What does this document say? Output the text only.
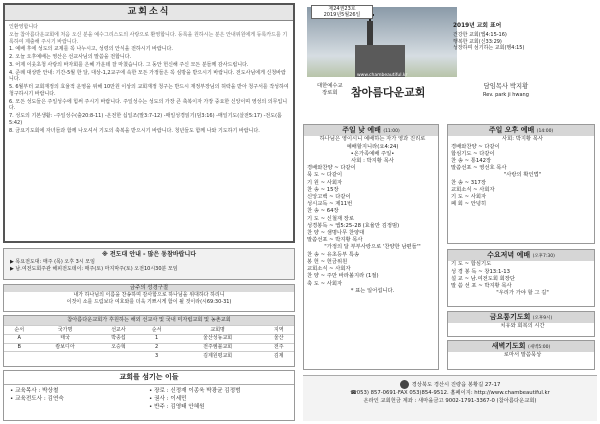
교회소식

인환영합니다

오늘 참아름다운교회에 처음 오신 분을 예수그리스도의 사랑으로 환영합니다. 등록을 원하시는 분은 안내위원에게 등록카드를 기록하여 제출해 주시기 바랍니다.

1. 예배 후에 성도의 교제를 꼭 나누시고, 성령의 안식을 전하시기 바랍니다.

2. 오늘 오후예배는 영산은 선교사님의 말씀을 전합니다.

3. 어제 이웃초청 사랑의 바자회를 은혜 가운데 잘 마쳤습니다. 그 동안 헌신해 주신 모든 분들께 감사드립니다.

4. 준례 대상반 안내: 기간-5월 한 달, 대상-1,2교구에 속한 모든 가정들은 꼭 심방을 받으시기 바랍니다. 전도사님에게 신청바랍니다.

5. 6월부터 교회재정의 효율적 운영을 위해 10만원 이상의 교회재정 청구는 반드시 재정부장님의 허락을 받아 청구서를 작성하여 청구하시기 바랍니다.

6. 모든 성도들은 주일성수에 힘써 주시기 바랍니다. 주일성수는 성도의 가장 큰 축복이자 가장 중요한 신앙이며 영성의 의무입니다.

7. 성도의 기본생활: -주일성수(출20:8-11) -온전한 십일조(말3:7-12) -매일성경읽기(딤3:16) -매일기도(살전5:17) -전도(롬5:42)

8. 금요기도회에 자녀들과 함께 나오셔서 기도의 축복을 받으시기 바랍니다. 청년들도 함께 나와 기도하기 바랍니다.

※ 전도대 안내 - 많은 동참바랍니다
▶ 목요전도대: 매주 (목) 오후 3시 모임
▶ 남.여전도회주관 해피전도데이: 매주(토) 마지막주(토) 오전10시30분 모임
금주의 성경구절
내가 하나님의 이름을 찬송하며 감사함으로 하나님을 위대하다 하리니
이것이 소를 드림보다 여호와를 더욱 기쁘시게 함이 될 것이라(시69:30-31)
참아름다운교회가 후원하는 해외 선교사 및 국내 미자립교회 및 농촌교회
순서	국가명	선교사	순서	교회명	지역
A	태국	박종섭	1	울산성동교회	울산
B	캄보디아	오승혁	2	전주엠블교회	전주
			3	김제원평교회	김제
교회를 섬기는 이들

• 교육목사 : 박상철

• 교육전도사 : 김연숙

• 장로 : 신정재 이종욱 박광균 김정범

• 권사 : 이세민

• 반주 : 김영태 안혜원

www.chambeautiful.kr
제24권23호
2019년5월26일
2019년 교회 표어
건강한 교회(엡4:15-16)
행복한 교회(신33:29)
성장하며 섬기하는 교회(행4:15)
대한예수교
장로회	참아름다운교회	담임목사 박지황
Rev. park ji hwang
주일 낮 예배 (11:00)
하나님은 영이시니 예배하는 자가 영과 진리로
예배할지니라(요4:24)
•온가족예배 주일•
사회 : 박지황 목사
경배와찬양 ~ 다같이
묵 도 ~ 다같이
기 원 ~ 사회자
찬 송 ~ 15장
신앙고백 ~ 다같이
성시교독 ~ 제11번
찬 송 ~ 64장
기 도 ~ 신철재 장로
성경봉독 ~ 엡5:25-28 (효율만 김정범)
찬 양 ~ 샘명나무 찬양대
말씀선포 ~ 박지황 목사
"가정의 달 부부사랑으로 '찬양한 남편들'"
찬 송 ~ 유초등부 특송
봉 헌 ~ 헌금위원
교회소식 ~ 사회자
찬 양 ~ 주만 바라볼지라 (1절)
축 도 ~ 사회자
* 표는 일어섭니다.
주일 오후 예배 (14:00)
사회: 박지황 목사
경배와찬양 ~ 다같이
합심기도 ~ 다같이
찬 송 ~ 통142장
말씀선포 ~ 영선호 목사
"사랑의 확인법"
찬 송 ~ 317장
교회소식 ~ 사회자
기 도 ~ 사회자
폐 회 ~ 안녕히
수요저녁 예배 (오후7:30)
기 도 ~ 합심기도
성 경 봉 독 ~ 창13:1-13
설 교 ~ 남.여전도회 회장단
말 씀 선 포 ~ 박지황 목사
"우리가 가야 할 그 길"
금요통기도회 (오후9시)
치유와 회복의 시간
새벽기도회 (새벽5:00)
로마서 말씀묵상
경상북도 경산시 진량읍 봉황길 27-17
☎053) 857-0691·FAX 053)854-9512. 홈페이지: http://www.chambeautiful.kr
온라인 교회헌금 계좌 : 새마을금고 9002-1791-3367-0 (참아름다운교회)
